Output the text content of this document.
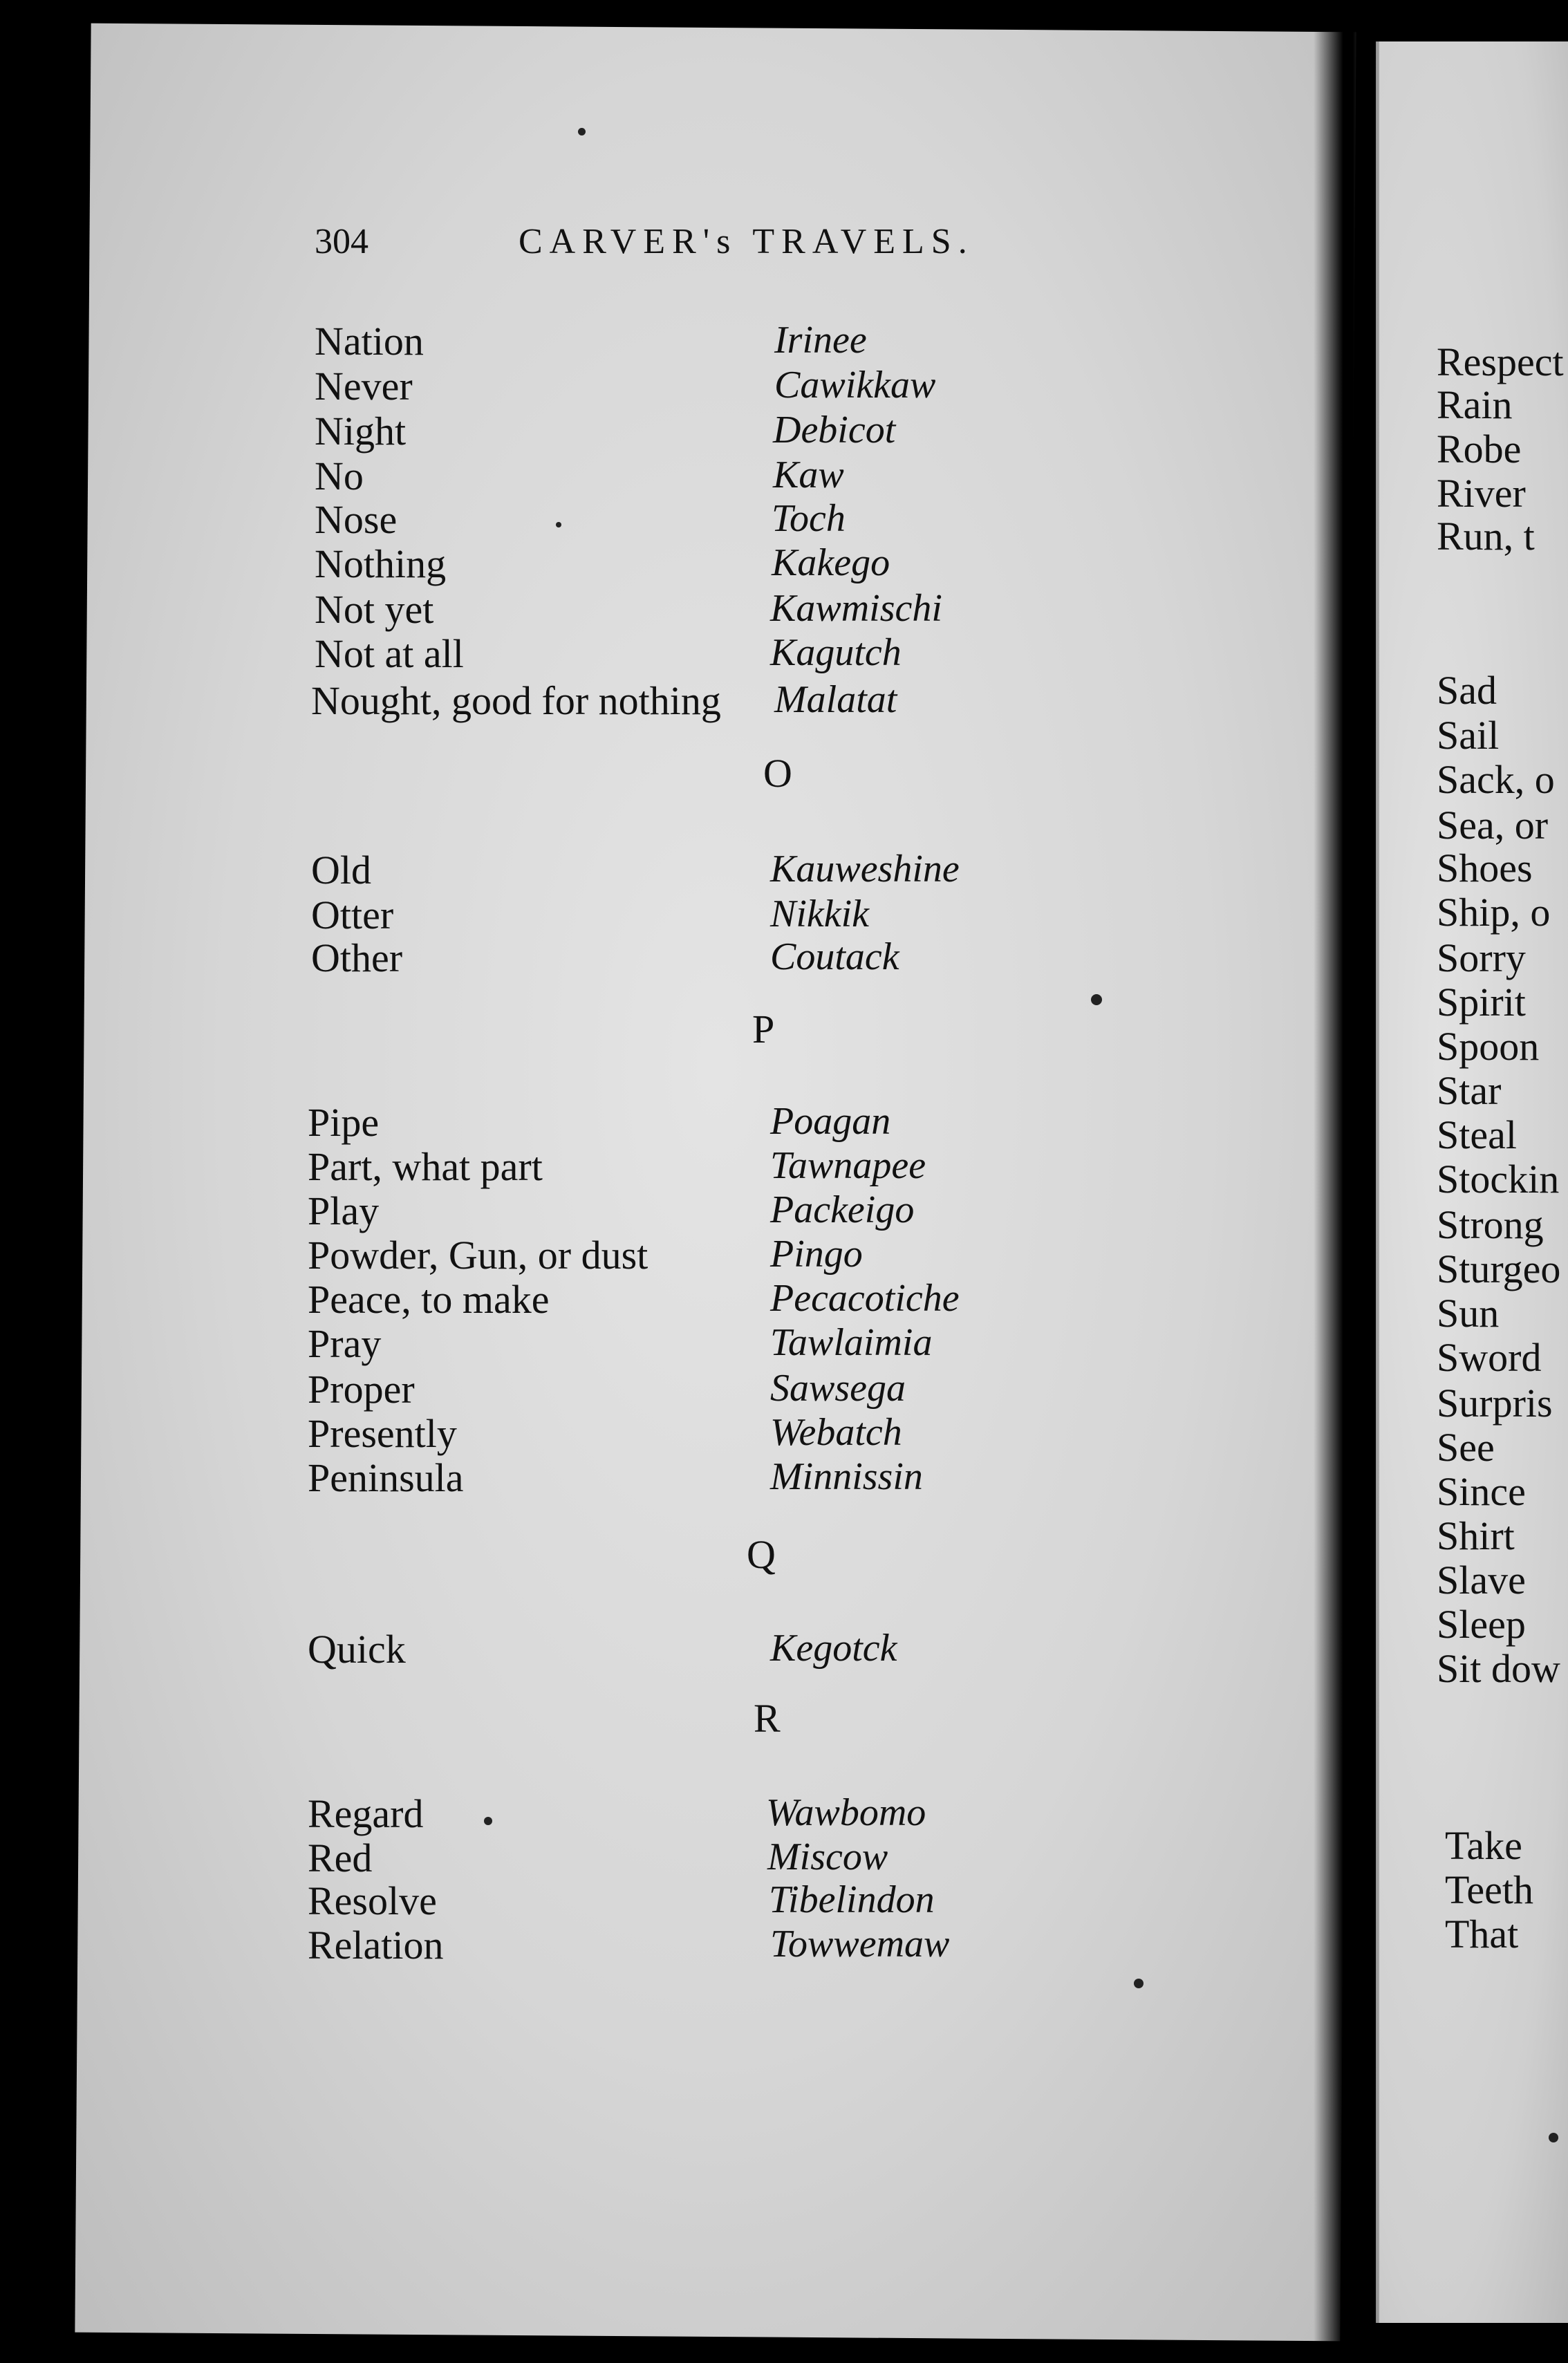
304	CARVER's TRAVELS.
Nation	Irinee
Never	Cawikkaw
Night	Debicot
No	Kaw
Nose	Toch
Nothing	Kakego
Not yet	Kawmischi
Not at all	Kagutch
Nought, good for nothing Malatat
O
Old	Kauweshine
Otter	Nikkik
Other	Coutack
P
Pipe	Poagan
Part, what part	Tawnapee
Play	Packeigo
Powder, Gun, or dust	Pingo
Peace, to make	Pecacotiche
Pray	Tawlaimia
Proper	Sawsega
Presently	Webatch
Peninsula	Minnissin
Q
Quick	Kegotck
R
Regard	Wawbomo
Red	Miscow
Resolve	Tibelindon
Relation	Towwemaw
Respect
Rain
Robe
River
Run, t
Sad
Sail
Sack, o
Sea, or
Shoes
Ship, o
Sorry
Spirit
Spoon
Star
Steal
Stockin
Strong
Sturgeo
Sun
Sword
Surpris
See
Since
Shirt
Slave
Sleep
Sit dow
Take
Teeth
That
